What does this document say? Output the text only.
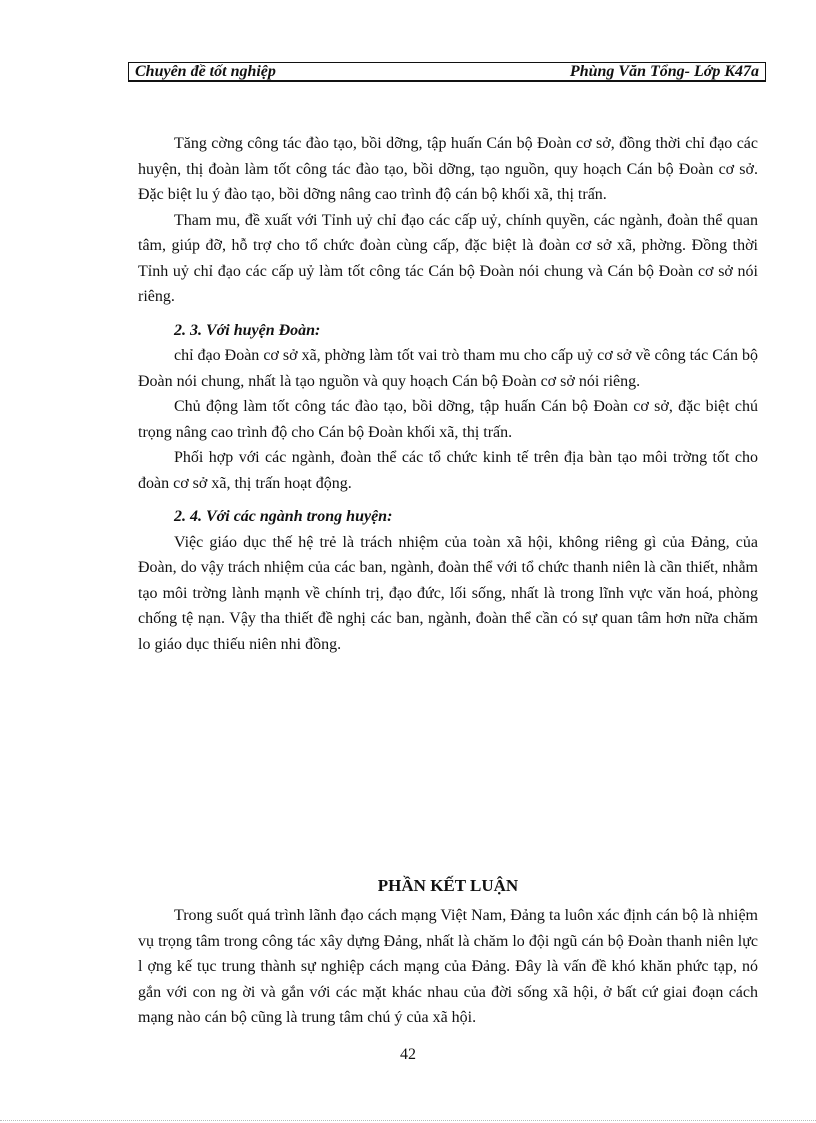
Chuyên đề tốt nghiệp	Phùng Văn Tổng- Lớp K47a

Tăng cờng công tác đào tạo, bồi dỡng, tập huấn Cán bộ Đoàn cơ sở, đồng thời chỉ đạo các huyện, thị đoàn làm tốt công tác đào tạo, bồi dỡng, tạo nguồn, quy hoạch Cán bộ Đoàn cơ sở. Đặc biệt lu ý đào tạo, bồi dỡng nâng cao trình độ cán bộ khối xã, thị trấn.

Tham mu, đề xuất với Tỉnh uỷ chỉ đạo các cấp uỷ, chính quyền, các ngành, đoàn thể quan tâm, giúp đỡ, hỗ trợ cho tổ chức đoàn cùng cấp, đặc biệt là đoàn cơ sở xã, phờng. Đồng thời Tỉnh uỷ chỉ đạo các cấp uỷ làm tốt công tác Cán bộ Đoàn nói chung và Cán bộ Đoàn cơ sở nói riêng.

2. 3. Với huyện Đoàn:

chỉ đạo Đoàn cơ sở xã, phờng làm tốt vai trò tham mu cho cấp uỷ cơ sở về công tác Cán bộ Đoàn nói chung, nhất là tạo nguồn và quy hoạch Cán bộ Đoàn cơ sở nói riêng.

Chủ động làm tốt công tác đào tạo, bồi dỡng, tập huấn Cán bộ Đoàn cơ sở, đặc biệt chú trọng nâng cao trình độ cho Cán bộ Đoàn khối xã, thị trấn.

Phối hợp với các ngành, đoàn thể các tổ chức kinh tế trên địa bàn tạo môi trờng tốt cho đoàn cơ sở xã, thị trấn hoạt động.

2. 4. Với các ngành trong huyện:

Việc giáo dục thế hệ trẻ là trách nhiệm của toàn xã hội, không riêng gì của Đảng, của Đoàn, do vậy trách nhiệm của các ban, ngành, đoàn thể với tổ chức thanh niên là cần thiết, nhằm tạo môi trờng lành mạnh về chính trị, đạo đức, lối sống, nhất là trong lĩnh vực văn hoá, phòng chống tệ nạn. Vậy tha thiết đề nghị các ban, ngành, đoàn thể cần có sự quan tâm hơn nữa chăm lo giáo dục thiếu niên nhi đồng.

PHẦN KẾT LUẬN

Trong suốt quá trình lãnh đạo cách mạng Việt Nam, Đảng ta luôn xác định cán bộ là nhiệm vụ trọng tâm trong công tác xây dựng Đảng, nhất là chăm lo đội ngũ cán bộ Đoàn thanh niên lực l ợng kế tục trung thành sự nghiệp cách mạng của Đảng. Đây là vấn đề khó khăn phức tạp, nó gắn với con ng ời và gắn với các mặt khác nhau của đời sống xã hội, ở bất cứ giai đoạn cách mạng nào cán bộ cũng là trung tâm chú ý của xã hội.

42
